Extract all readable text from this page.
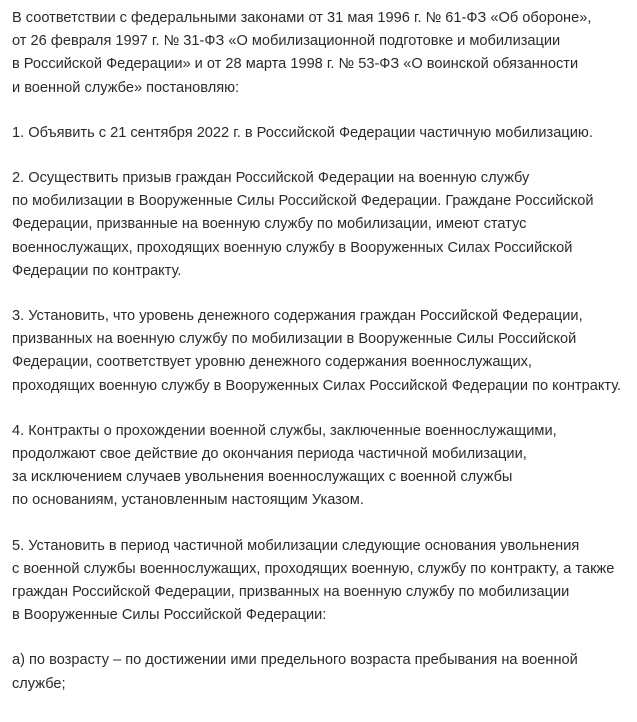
В соответствии с федеральными законами от 31 мая 1996 г. № 61-ФЗ «Об обороне»,
от 26 февраля 1997 г. № 31-ФЗ «О мобилизационной подготовке и мобилизации
в Российской Федерации» и от 28 марта 1998 г. № 53-ФЗ «О воинской обязанности
и военной службе» постановляю:

1. Объявить с 21 сентября 2022 г. в Российской Федерации частичную мобилизацию.

2. Осуществить призыв граждан Российской Федерации на военную службу
по мобилизации в Вооруженные Силы Российской Федерации. Граждане Российской
Федерации, призванные на военную службу по мобилизации, имеют статус
военнослужащих, проходящих военную службу в Вооруженных Силах Российской
Федерации по контракту.

3. Установить, что уровень денежного содержания граждан Российской Федерации,
призванных на военную службу по мобилизации в Вооруженные Силы Российской
Федерации, соответствует уровню денежного содержания военнослужащих,
проходящих военную службу в Вооруженных Силах Российской Федерации по контракту.

4. Контракты о прохождении военной службы, заключенные военнослужащими,
продолжают свое действие до окончания периода частичной мобилизации,
за исключением случаев увольнения военнослужащих с военной службы
по основаниям, установленным настоящим Указом.

5. Установить в период частичной мобилизации следующие основания увольнения
с военной службы военнослужащих, проходящих военную, службу по контракту, а также
граждан Российской Федерации, призванных на военную службу по мобилизации
в Вооруженные Силы Российской Федерации:

а) по возрасту – по достижении ими предельного возраста пребывания на военной
службе;
